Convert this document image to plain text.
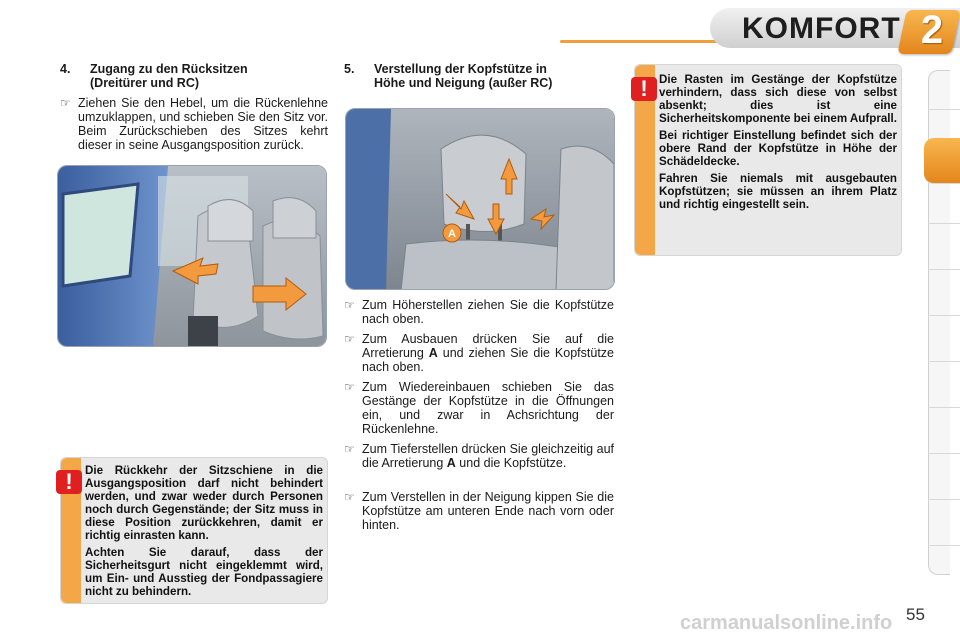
KOMFORT 2
4.	Zugang zu den Rücksitzen
(Dreitürer und RC)
☞ Ziehen Sie den Hebel, um die Rückenlehne umzuklappen, und schieben Sie den Sitz vor. Beim Zurückschieben des Sitzes kehrt dieser in seine Ausgangsposition zurück.
!	Die Rückkehr der Sitzschiene in die Ausgangsposition darf nicht behindert werden, und zwar weder durch Personen noch durch Gegenstände; der Sitz muss in diese Position zurückkehren, damit er richtig einrasten kann.

Achten Sie darauf, dass der Sicherheitsgurt nicht eingeklemmt wird, um Ein- und Ausstieg der Fondpassagiere nicht zu behindern.

5.	Verstellung der Kopfstütze in
Höhe und Neigung (außer RC)
A
☞ Zum Höherstellen ziehen Sie die Kopfstütze nach oben.
☞ Zum Ausbauen drücken Sie auf die Arretierung A und ziehen Sie die Kopfstütze nach oben.
☞ Zum Wiedereinbauen schieben Sie das Gestänge der Kopfstütze in die Öffnungen ein, und zwar in Achsrichtung der Rückenlehne.
☞ Zum Tieferstellen drücken Sie gleichzeitig auf die Arretierung A und die Kopfstütze.
☞ Zum Verstellen in der Neigung kippen Sie die Kopfstütze am unteren Ende nach vorn oder hinten.
! Die Rasten im Gestänge der Kopfstütze verhindern, dass sich diese von selbst absenkt; dies ist eine Sicherheitskomponente bei einem Aufprall.

Bei richtiger Einstellung befindet sich der obere Rand der Kopfstütze in Höhe der Schädeldecke.

Fahren Sie niemals mit ausgebauten Kopfstützen; sie müssen an ihrem Platz und richtig eingestellt sein.

55
carmanualsonline.info
